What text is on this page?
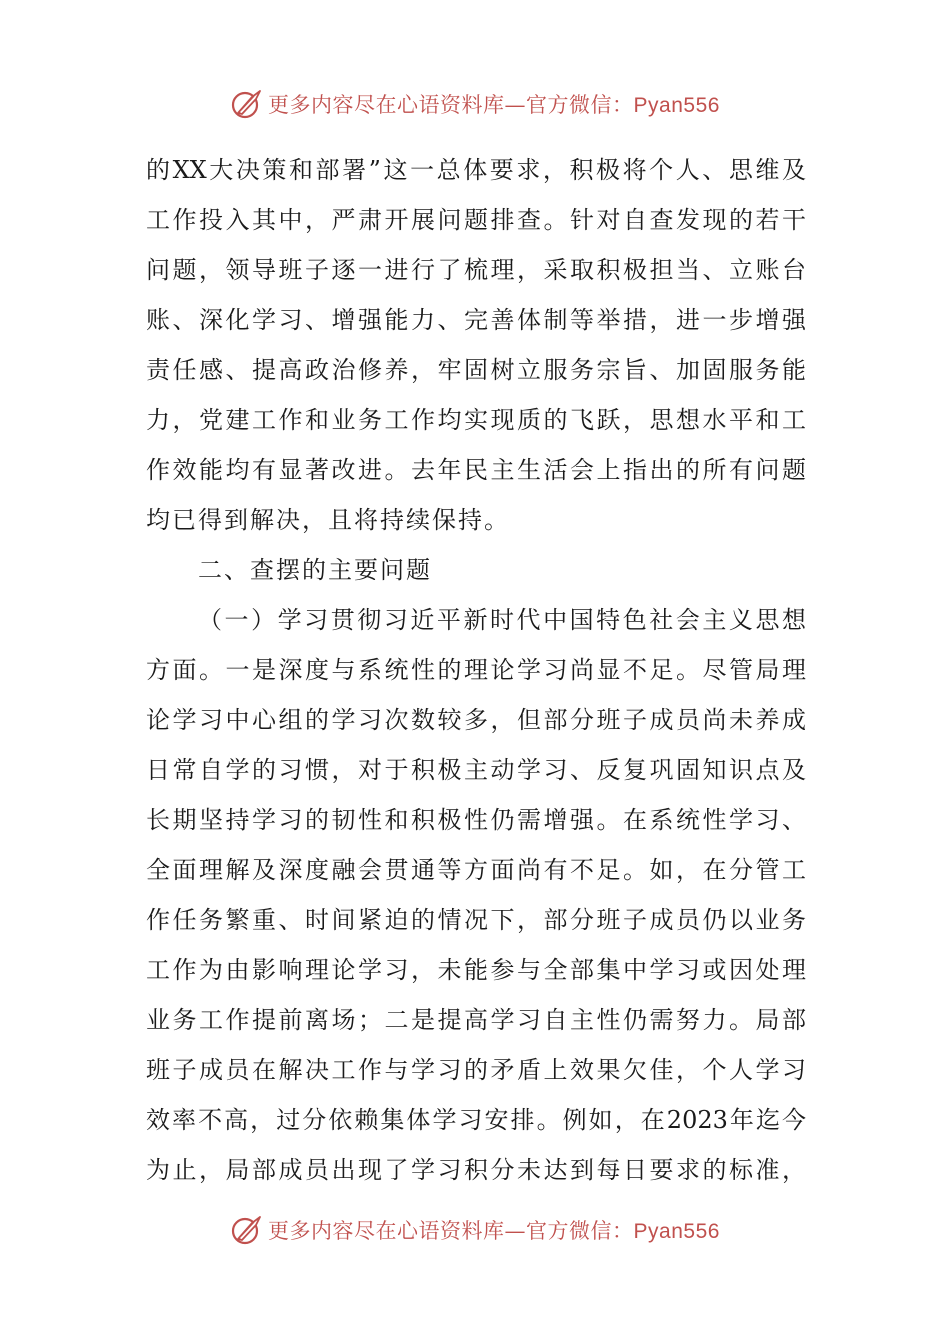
更多内容尽在心语资料库—官方微信：Pyan556
的XX大决策和部署”这一总体要求，积极将个人、思维及
工作投入其中，严肃开展问题排查。针对自查发现的若干
问题，领导班子逐一进行了梳理，采取积极担当、立账台
账、深化学习、增强能力、完善体制等举措，进一步增强
责任感、提高政治修养，牢固树立服务宗旨、加固服务能
力，党建工作和业务工作均实现质的飞跃，思想水平和工
作效能均有显著改进。去年民主生活会上指出的所有问题
均已得到解决，且将持续保持。
二、查摆的主要问题
（一）学习贯彻习近平新时代中国特色社会主义思想
方面。一是深度与系统性的理论学习尚显不足。尽管局理
论学习中心组的学习次数较多，但部分班子成员尚未养成
日常自学的习惯，对于积极主动学习、反复巩固知识点及
长期坚持学习的韧性和积极性仍需增强。在系统性学习、
全面理解及深度融会贯通等方面尚有不足。如，在分管工
作任务繁重、时间紧迫的情况下，部分班子成员仍以业务
工作为由影响理论学习，未能参与全部集中学习或因处理
业务工作提前离场；二是提高学习自主性仍需努力。局部
班子成员在解决工作与学习的矛盾上效果欠佳，个人学习
效率不高，过分依赖集体学习安排。例如，在2023年迄今
为止，局部成员出现了学习积分未达到每日要求的标准，
更多内容尽在心语资料库—官方微信：Pyan556
